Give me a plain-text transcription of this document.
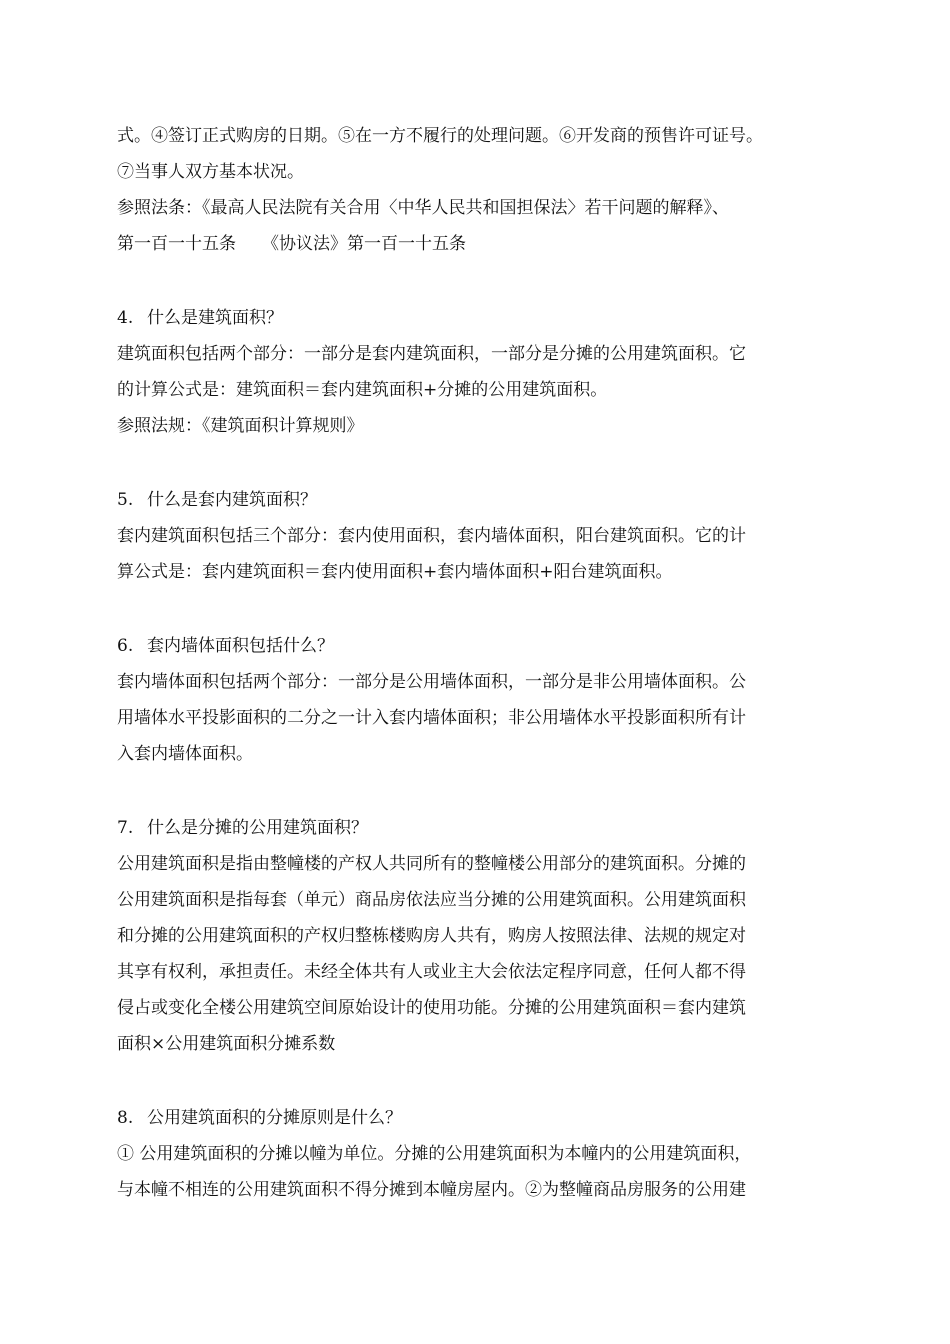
式。④签订正式购房的日期。⑤在一方不履行的处理问题。⑥开发商的预售许可证号。
⑦当事人双方基本状况。
参照法条：《最高人民法院有关合用〈中华人民共和国担保法〉若干问题的解释》、
第一百一十五条 《协议法》第一百一十五条
4. 什么是建筑面积？
建筑面积包括两个部分：一部分是套内建筑面积，一部分是分摊的公用建筑面积。它
的计算公式是：建筑面积＝套内建筑面积+分摊的公用建筑面积。
参照法规：《建筑面积计算规则》
5. 什么是套内建筑面积？
套内建筑面积包括三个部分：套内使用面积，套内墙体面积，阳台建筑面积。它的计
算公式是：套内建筑面积＝套内使用面积+套内墙体面积+阳台建筑面积。
6. 套内墙体面积包括什么？
套内墙体面积包括两个部分：一部分是公用墙体面积，一部分是非公用墙体面积。公
用墙体水平投影面积的二分之一计入套内墙体面积；非公用墙体水平投影面积所有计
入套内墙体面积。
7. 什么是分摊的公用建筑面积？
公用建筑面积是指由整幢楼的产权人共同所有的整幢楼公用部分的建筑面积。分摊的
公用建筑面积是指每套（单元）商品房依法应当分摊的公用建筑面积。公用建筑面积
和分摊的公用建筑面积的产权归整栋楼购房人共有，购房人按照法律、法规的规定对
其享有权利，承担责任。未经全体共有人或业主大会依法定程序同意，任何人都不得
侵占或变化全楼公用建筑空间原始设计的使用功能。分摊的公用建筑面积＝套内建筑
面积×公用建筑面积分摊系数
8. 公用建筑面积的分摊原则是什么？
① 公用建筑面积的分摊以幢为单位。分摊的公用建筑面积为本幢内的公用建筑面积，
与本幢不相连的公用建筑面积不得分摊到本幢房屋内。②为整幢商品房服务的公用建
